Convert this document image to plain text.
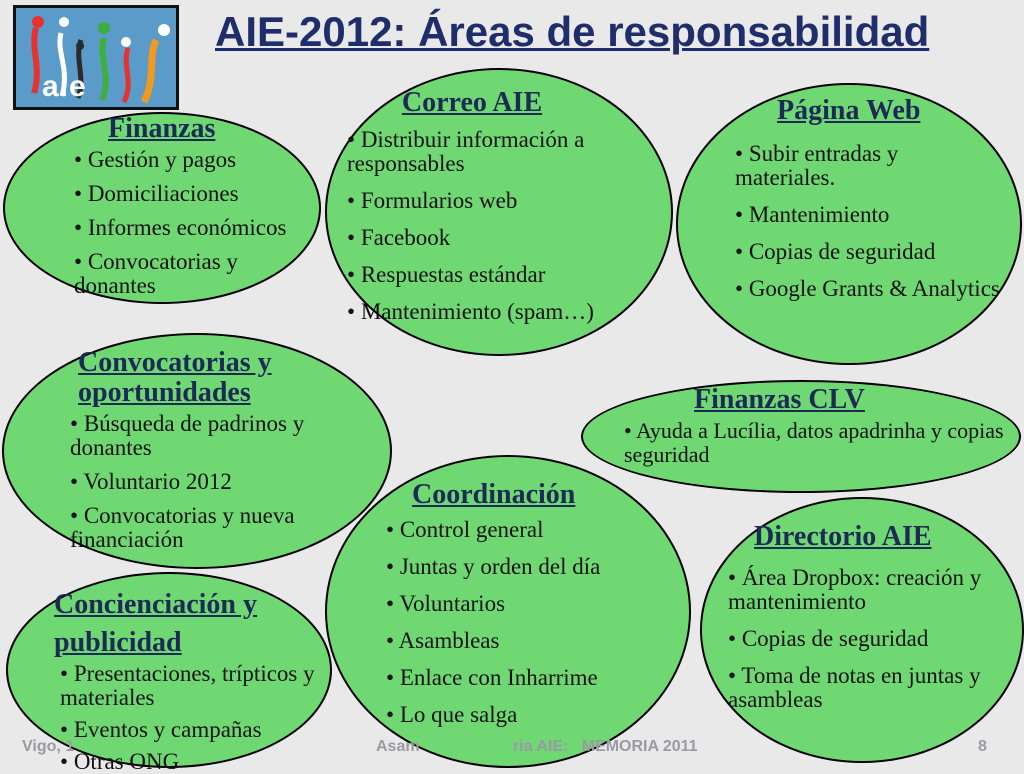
aie
AIE-2012: Áreas de responsabilidad
Finanzas
• Gestión y pagos
• Domiciliaciones
• Informes económicos
• Convocatorias y donantes
Correo AIE
• Distribuir información a responsables
• Formularios web
• Facebook
• Respuestas estándar
• Mantenimiento (spam…)
Página Web
• Subir entradas y materiales.
• Mantenimiento
• Copias de seguridad
• Google Grants & Analytics
Convocatorias y oportunidades
• Búsqueda de padrinos y donantes
• Voluntario 2012
• Convocatorias y nueva financiación
Finanzas CLV
• Ayuda a Lucília, datos apadrinha y copias seguridad
Coordinación
• Control general
• Juntas y orden del día
• Voluntarios
• Asambleas
• Enlace con Inharrime
• Lo que salga
Directorio AIE
• Área Dropbox: creación y mantenimiento
• Copias de seguridad
• Toma de notas en juntas y asambleas
Concienciación y publicidad
• Presentaciones, trípticos y materiales
• Eventos y campañas
• Otras ONG
Vigo, 1	Asam                     ria AIE:   MEMORIA 2011	8
